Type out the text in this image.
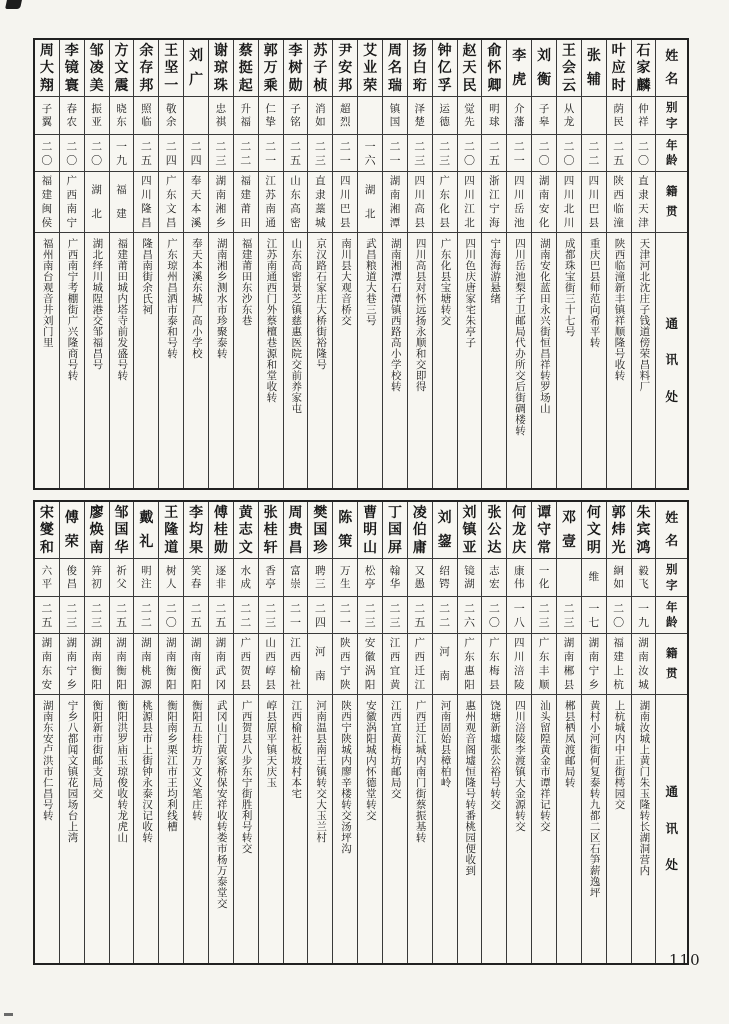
姓
名
别
字
年
龄
籍
贯
通
讯
处
石
家
麟
仲
祥
二
〇
直
隶
天
津
天津河北沈庄子钱道傍荣昌料厂
叶
应
时
荫
民
二
五
陕
西
临
潼
陕西临潼新丰镇祥顺隆号收转
张
辅
二
二
四
川
巴
县
重庆巴县师范向希平转
王
会
云
从
龙
二
〇
四
川
北
川
成都珠宝街三十七号
刘
衡
子
皋
二
〇
湖
南
安
化
湖南安化蓝田永兴街恒昌祥转罗场山
李
虎
介
藩
二
一
四
川
岳
池
四川岳池梨子卫邮局代办所交后街碉楼转
俞
怀
卿
明
球
二
五
浙
江
宁
海
宁海海游悬绪
赵
天
民
觉
先
二
〇
四
川
江
北
四川色庆唐家宅朱亭子
钟
亿
孚
运
德
二
三
广
东
化
县
广东化县宝塘转交
扬
白
珩
泽
楚
二
三
四
川
高
县
四川高县对怀远扬永顺和交即得
周
名
瑞
镇
国
二
一
湖
南
湘
潭
湖南湘潭石潭镇西路高小学校转
艾
业
荣
一
六
湖
北
武昌粮道大巷三号
尹
安
邦
超
烈
二
一
四
川
巴
县
南川县大观音桥交
苏
子
桢
消
如
二
三
直
隶
藁
城
京汉路石家庄大桥街裕隆号
李
树
勋
子
铭
二
五
山
东
高
密
山东高密景芝镇慈惠医院交前养家屯
郭
万
乘
仁
挚
二
一
江
苏
南
通
江苏南通西门外蔡檀巷源和堂收转
蔡
挺
起
升
福
二
二
福
建
莆
田
福建莆田东沙东巷
谢
琼
珠
忠
祺
二
三
湖
南
湘
乡
湖南湘乡测水市珍聚泰转
刘
广
二
四
奉
天
本
溪
奉天本溪东城厂高小学校
王
坚
一
敬
余
二
四
广
东
文
昌
广东琼州昌洒市泰和号转
余
存
邦
照
临
二
五
四
川
隆
昌
隆昌南街余氏祠
方
文
震
晓
东
一
九
福
建
福建莆田城内塔寺前发盛号转
邹
凌
美
振
亚
二
〇
湖
北
湖北绎川城陧港交邹福昌号
李
镜
寰
春
农
二
〇
广
西
南
宁
广西南宁考棚街广兴隆商号转
周
大
翔
子
翼
二
〇
福
建
闽
侯
福州南台观音井刘门里
姓
名
别
字
年
龄
籍
贯
通
讯
处
朱
宾
鸿
毅
飞
一
九
湖
南
汝
城
湖南汝城上黄门朱玉隆转长湖洞营内
郭
炜
光
絅
如
二
〇
福
建
上
杭
上杭城内中正街樗园交
何
文
明
维
一
七
湖
南
宁
乡
黄村小河街何复泰转九都二区石笋薪逸坪
邓
壹
二
三
湖
南
郴
县
郴县栖凤渡邮局转
谭
守
常
一
化
二
三
广
东
丰
顺
汕头留隍黄金市谭祥记转交
何
龙
庆
康
伟
一
八
四
川
涪
陵
四川涪陵李渡镇大金源转交
张
公
达
志
宏
二
〇
广
东
梅
县
饶塘新墟张公裕号转交
刘
镇
亚
镜
湖
二
六
广
东
惠
阳
惠州观音阁墟恒隆号转番桃园便收到
刘
鋆
绍
锷
二
二
河
南
河南固始县樟柏岭
凌
伯
庸
又
愚
二
五
广
西
迁
江
广西迁江城内南门街蔡振基转
丁
国
屏
翰
华
二
三
江
西
宜
黄
江西宜黄梅坊邮局交
曹
明
山
松
亭
二
三
安
徽
涡
阳
安徽涡阳城内怀德堂转交
陈
策
万
生
二
一
陕
西
宁
陕
陕西宁陕城内廖辛楼转交汤坪沟
樊
国
珍
聘
三
二
四
河
南
河南温县南王镇转交大玉兰村
周
贵
昌
富
崇
二
一
江
西
榆
社
江西榆社板坡村本宅
张
桂
轩
香
亭
二
三
山
西
崞
县
崞县原平镇天庆玉
黄
志
文
水
成
二
二
广
西
贺
县
广西贺县八步东宁街胜利号转交
傅
桂
勋
逐
非
二
五
湖
南
武
冈
武冈山门黄家桥保安祥收转娄市杨万泰堂交
李
均
果
笑
春
二
五
湖
南
衡
阳
衡阳五桂坊万文义笔庄转
王
隆
道
树
人
二
〇
湖
南
衡
阳
衡阳南乡栗江市王均利线槽
戴
礼
明
注
二
二
湖
南
桃
源
桃源县市上街钟永泰汉记收转
邹
国
华
祈
父
二
五
湖
南
衡
阳
衡阳洪罗庙玉琼俊收转龙虎山
廖
焕
南
笄
初
二
三
湖
南
衡
阳
衡阳新市街邮支局交
傅
荣
俊
昌
二
三
湖
南
宁
乡
宁乡八都闻文镇花园场台上湾
宋
燮
和
六
平
二
五
湖
南
东
安
湖南东安卢洪市仁昌号转
110
